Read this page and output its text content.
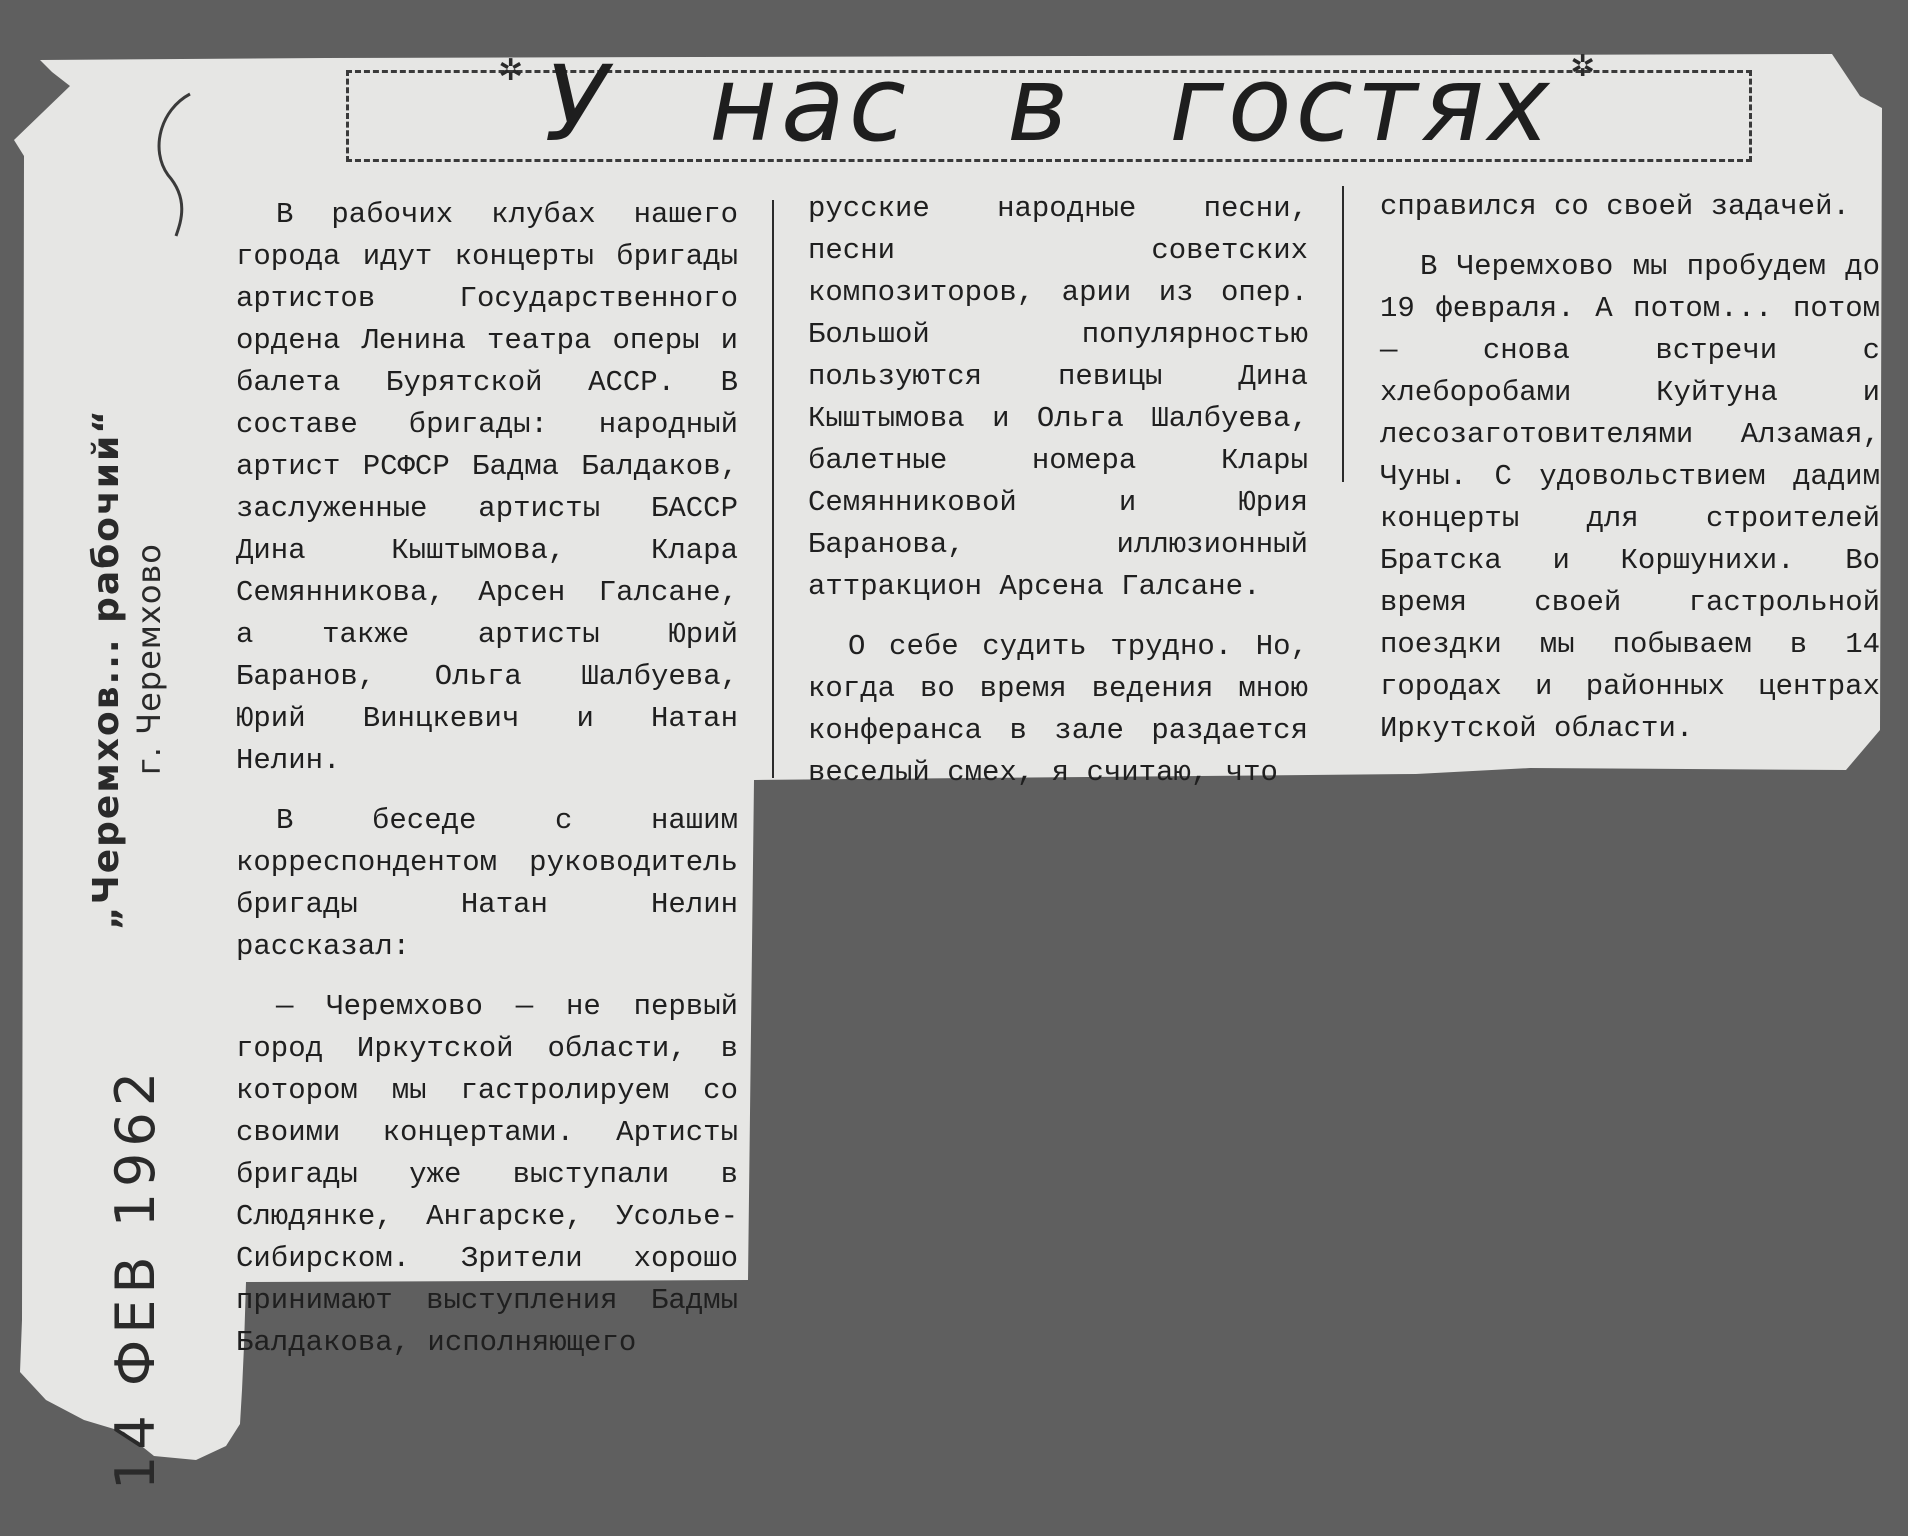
✲	✲
У нас в гостях
„Черемхов... рабочий“ г. Черемхово
14 ФЕВ 1962

В рабочих клубах нашего города идут концерты бригады артистов Государственного ордена Ленина театра оперы и балета Бурятской АССР. В составе бригады: народный артист РСФСР Бадма Балдаков, заслуженные артисты БАССР Дина Кыштымова, Клара Семянникова, Арсен Галсане, а также артисты Юрий Баранов, Ольга Шалбуева, Юрий Винцкевич и Натан Нелин.

В беседе с нашим корреспондентом руководитель бригады Натан Нелин рассказал:

— Черемхово — не первый город Иркутской области, в котором мы гастролируем со своими концертами. Артисты бригады уже выступали в Слюдянке, Ангарске, Усолье-Сибирском. Зрители хорошо принимают выступления Бадмы Балдакова, исполняющего

русские народные песни, песни советских композиторов, арии из опер. Большой популярностью пользуются певицы Дина Кыштымова и Ольга Шалбуева, балетные номера Клары Семянниковой и Юрия Баранова, иллюзионный аттракцион Арсена Галсане.

О себе судить трудно. Но, когда во время ведения мною конферанса в зале раздается веселый смех, я считаю, что

справился со своей задачей.

В Черемхово мы пробудем до 19 февраля. А потом... потом — снова встречи с хлеборобами Куйтуна и лесозаготовителями Алзамая, Чуны. С удовольствием дадим концерты для строителей Братска и Коршунихи. Во время своей гастрольной поездки мы побываем в 14 городах и районных центрах Иркутской области.
